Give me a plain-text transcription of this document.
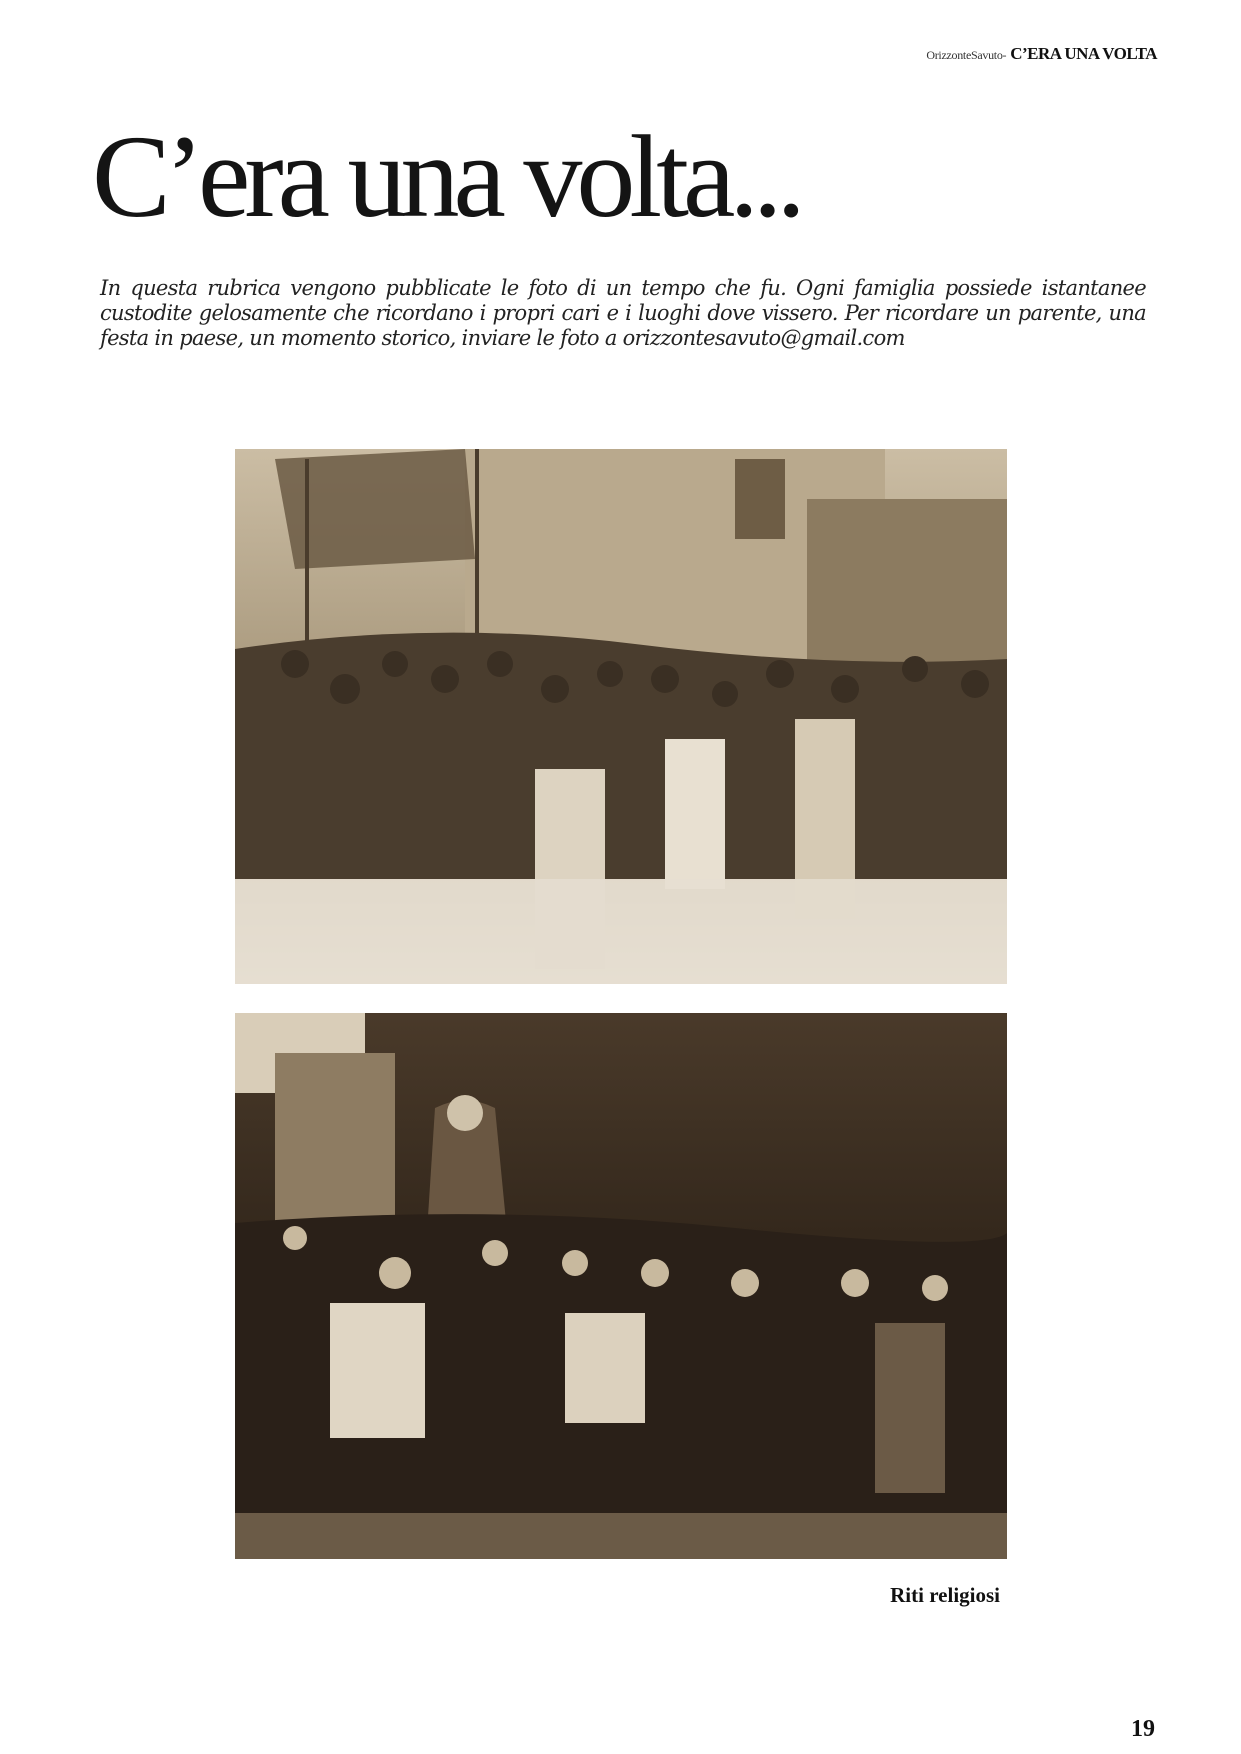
OrizzonteSavuto- C’ERA UNA VOLTA
C’era una volta...

In questa rubrica vengono pubblicate le foto di un tempo che fu. Ogni famiglia possiede istantanee custodite gelosamente che ricordano i propri cari e i luoghi dove vissero. Per ricordare un parente, una festa in paese, un momento storico, inviare le foto a orizzontesavuto@gmail.com

Riti religiosi
19
